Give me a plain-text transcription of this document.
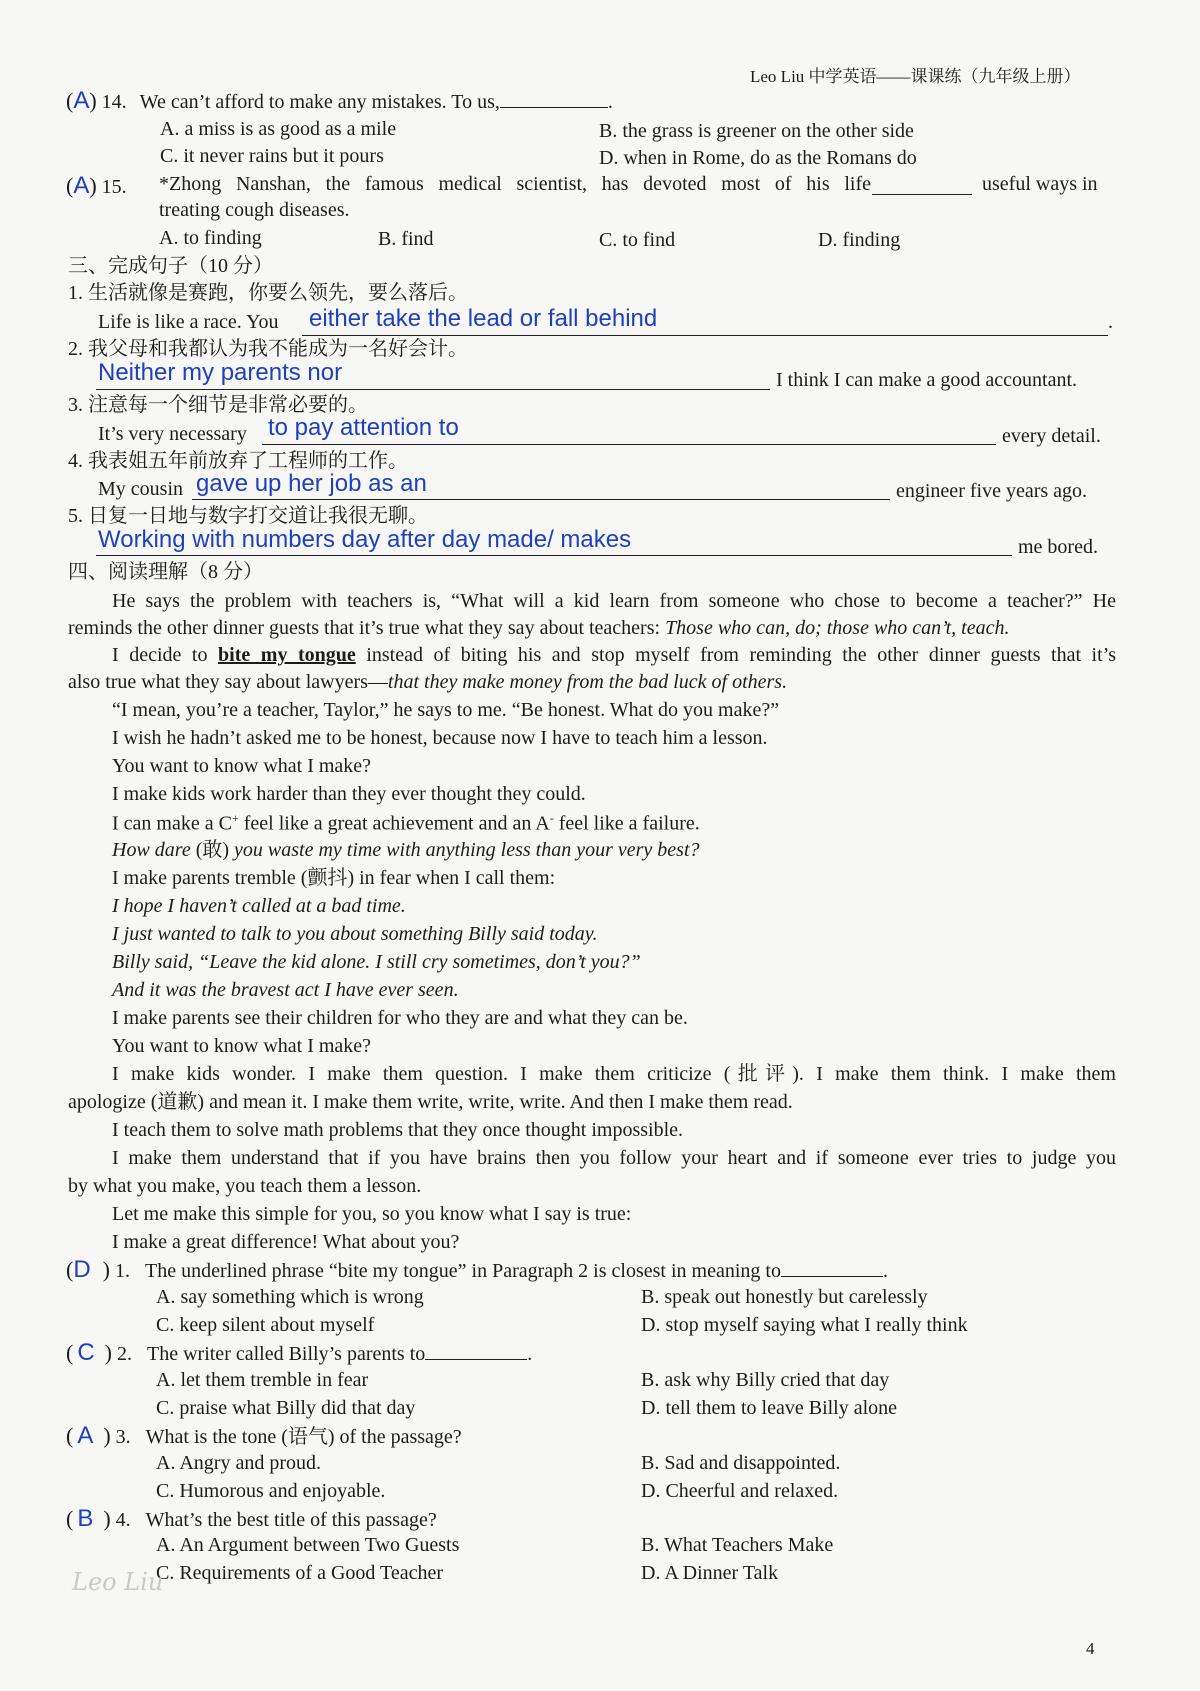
Leo Liu 中学英语——课课练（九年级上册）
(A) 14. We can’t afford to make any mistakes. To us,	.
A. a miss is as good as a mile	B. the grass is greener on the other side
C. it never rains but it pours	D. when in Rome, do as the Romans do
(A) 15. *Zhong Nanshan, the famous medical scientist, has devoted most of his life	useful ways in
treating cough diseases.
A. to finding	B. find	C. to find	D. finding
三、完成句子（10 分）
1. 生活就像是赛跑，你要么领先，要么落后。
Life is like a race. You either take the lead or fall behind	.
2. 我父母和我都认为我不能成为一名好会计。
Neither my parents nor	I think I can make a good accountant.
3. 注意每一个细节是非常必要的。
It’s very necessary to pay attention to	every detail.
4. 我表姐五年前放弃了工程师的工作。
My cousin gave up her job as an	engineer five years ago.
5. 日复一日地与数字打交道让我很无聊。
Working with numbers day after day made/ makes	me bored.
四、阅读理解（8 分）
He says the problem with teachers is, “What will a kid learn from someone who chose to become a teacher?” He
reminds the other dinner guests that it’s true what they say about teachers: Those who can, do; those who can’t, teach.
I decide to bite my tongue instead of biting his and stop myself from reminding the other dinner guests that it’s
also true what they say about lawyers—that they make money from the bad luck of others.
“I mean, you’re a teacher, Taylor,” he says to me. “Be honest. What do you make?”
I wish he hadn’t asked me to be honest, because now I have to teach him a lesson.
You want to know what I make?
I make kids work harder than they ever thought they could.
I can make a C+ feel like a great achievement and an A- feel like a failure.
How dare (敢) you waste my time with anything less than your very best?
I make parents tremble (颤抖) in fear when I call them:
I hope I haven’t called at a bad time.
I just wanted to talk to you about something Billy said today.
Billy said, “Leave the kid alone. I still cry sometimes, don’t you?”
And it was the bravest act I have ever seen.
I make parents see their children for who they are and what they can be.
You want to know what I make?
I make kids wonder. I make them question. I make them criticize (批评). I make them think. I make them
apologize (道歉) and mean it. I make them write, write, write. And then I make them read.
I teach them to solve math problems that they once thought impossible.
I make them understand that if you have brains then you follow your heart and if someone ever tries to judge you
by what you make, you teach them a lesson.
Let me make this simple for you, so you know what I say is true:
I make a great difference! What about you?
(D ) 1. The underlined phrase “bite my tongue” in Paragraph 2 is closest in meaning to	.
A. say something which is wrong	B. speak out honestly but carelessly
C. keep silent about myself	D. stop myself saying what I really think
( C ) 2. The writer called Billy’s parents to	.
A. let them tremble in fear	B. ask why Billy cried that day
C. praise what Billy did that day	D. tell them to leave Billy alone
( A ) 3. What is the tone (语气) of the passage?
A. Angry and proud.	B. Sad and disappointed.
C. Humorous and enjoyable.	D. Cheerful and relaxed.
( B ) 4. What’s the best title of this passage?
A. An Argument between Two Guests	B. What Teachers Make
C. Requirements of a Good Teacher	D. A Dinner Talk
Leo Liu
4
